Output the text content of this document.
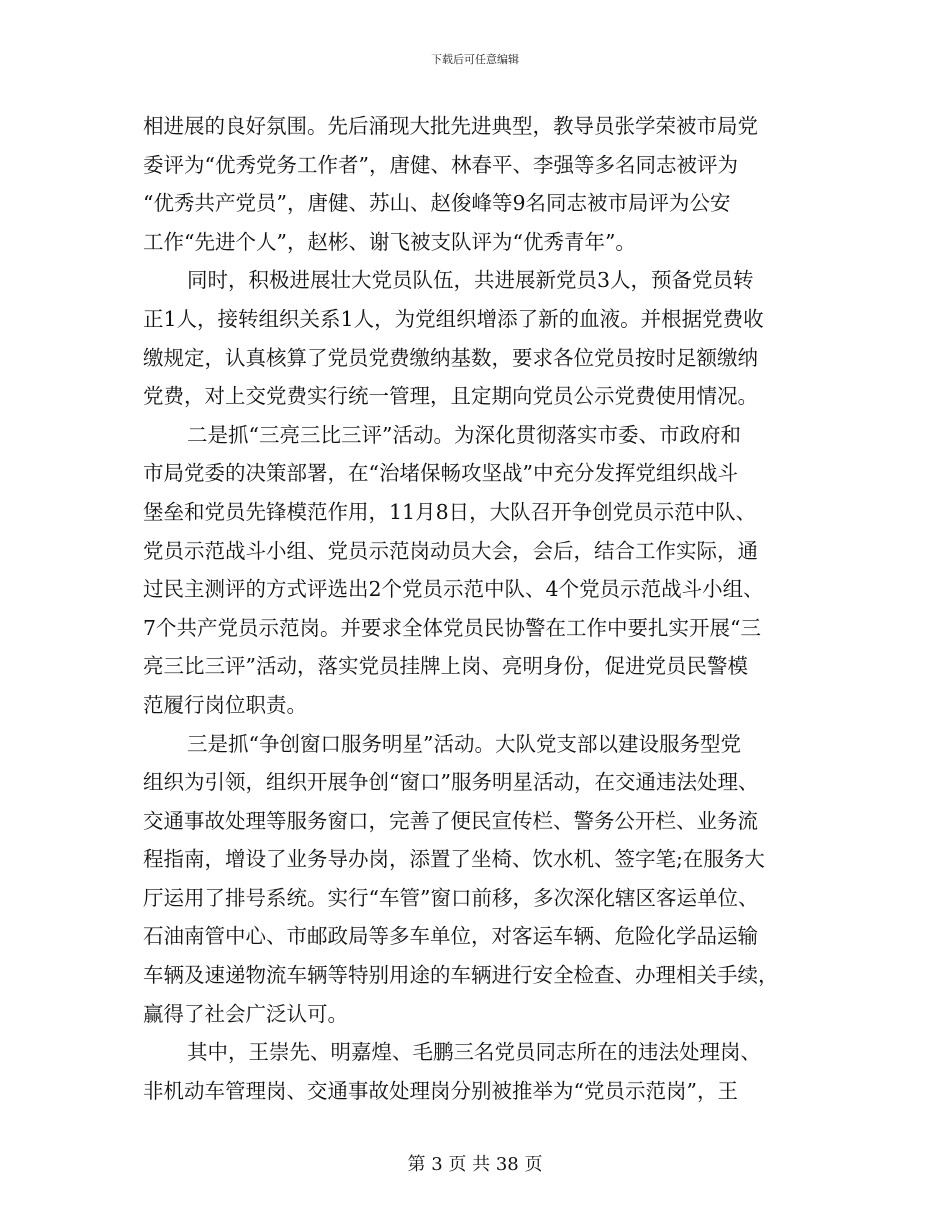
下载后可任意编辑
相进展的良好氛围。先后涌现大批先进典型，教导员张学荣被市局党
委评为“优秀党务工作者”，唐健、林春平、李强等多名同志被评为
“优秀共产党员”，唐健、苏山、赵俊峰等9名同志被市局评为公安
工作“先进个人”，赵彬、谢飞被支队评为“优秀青年”。
同时，积极进展壮大党员队伍，共进展新党员3人，预备党员转
正1人，接转组织关系1人，为党组织增添了新的血液。并根据党费收
缴规定，认真核算了党员党费缴纳基数，要求各位党员按时足额缴纳
党费，对上交党费实行统一管理，且定期向党员公示党费使用情况。
二是抓“三亮三比三评”活动。为深化贯彻落实市委、市政府和
市局党委的决策部署，在“治堵保畅攻坚战”中充分发挥党组织战斗
堡垒和党员先锋模范作用，11月8日，大队召开争创党员示范中队、
党员示范战斗小组、党员示范岗动员大会，会后，结合工作实际，通
过民主测评的方式评选出2个党员示范中队、4个党员示范战斗小组、
7个共产党员示范岗。并要求全体党员民协警在工作中要扎实开展“三
亮三比三评”活动，落实党员挂牌上岗、亮明身份，促进党员民警模
范履行岗位职责。
三是抓“争创窗口服务明星”活动。大队党支部以建设服务型党
组织为引领，组织开展争创“窗口”服务明星活动，在交通违法处理、
交通事故处理等服务窗口，完善了便民宣传栏、警务公开栏、业务流
程指南，增设了业务导办岗，添置了坐椅、饮水机、签字笔;在服务大
厅运用了排号系统。实行“车管”窗口前移，多次深化辖区客运单位、
石油南管中心、市邮政局等多车单位，对客运车辆、危险化学品运输
车辆及速递物流车辆等特别用途的车辆进行安全检查、办理相关手续，
赢得了社会广泛认可。
其中，王崇先、明嘉煌、毛鹏三名党员同志所在的违法处理岗、
非机动车管理岗、交通事故处理岗分别被推举为“党员示范岗”，王
第 3 页 共 38 页
